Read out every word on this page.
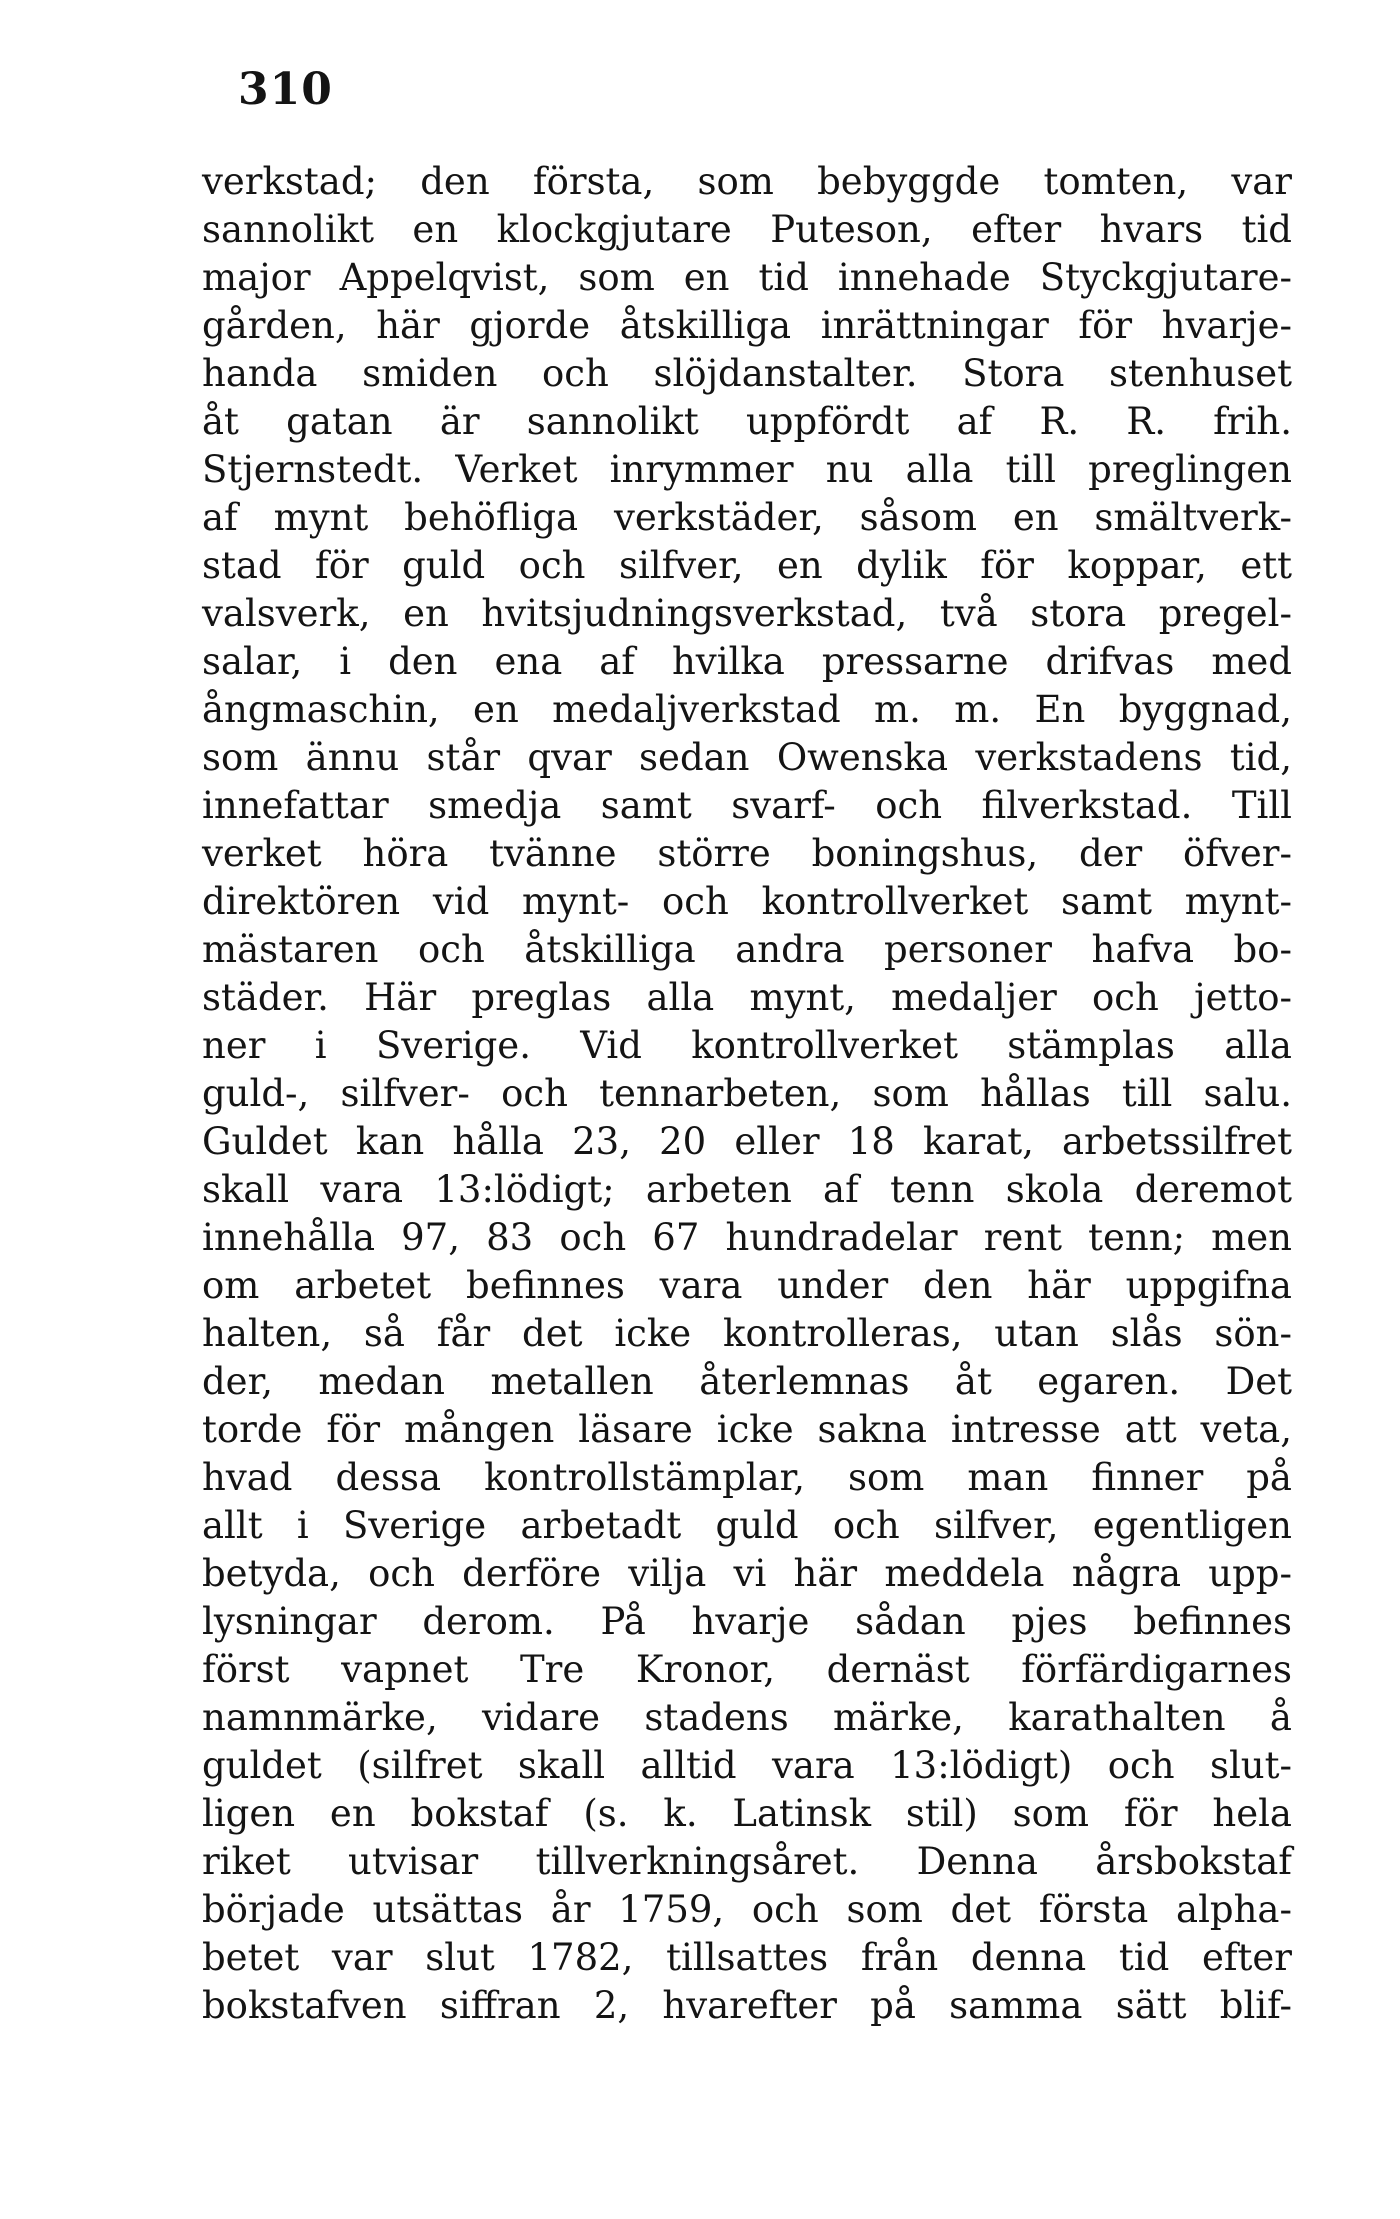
310
verkstad; den första, som bebyggde tomten, var
sannolikt en klockgjutare Puteson, efter hvars tid
major Appelqvist, som en tid innehade Styckgjutare-
gården, här gjorde åtskilliga inrättningar för hvarje-
handa smiden och slöjdanstalter. Stora stenhuset
åt gatan är sannolikt uppfördt af R. R. frih.
Stjernstedt. Verket inrymmer nu alla till preglingen
af mynt behöfliga verkstäder, såsom en smältverk-
stad för guld och silfver, en dylik för koppar, ett
valsverk, en hvitsjudningsverkstad, två stora pregel-
salar, i den ena af hvilka pressarne drifvas med
ångmaschin, en medaljverkstad m. m. En byggnad,
som ännu står qvar sedan Owenska verkstadens tid,
innefattar smedja samt svarf- och filverkstad. Till
verket höra tvänne större boningshus, der öfver-
direktören vid mynt- och kontrollverket samt mynt-
mästaren och åtskilliga andra personer hafva bo-
städer. Här preglas alla mynt, medaljer och jetto-
ner i Sverige. Vid kontrollverket stämplas alla
guld-, silfver- och tennarbeten, som hållas till salu.
Guldet kan hålla 23, 20 eller 18 karat, arbetssilfret
skall vara 13:lödigt; arbeten af tenn skola deremot
innehålla 97, 83 och 67 hundradelar rent tenn; men
om arbetet befinnes vara under den här uppgifna
halten, så får det icke kontrolleras, utan slås sön-
der, medan metallen återlemnas åt egaren. Det
torde för mången läsare icke sakna intresse att veta,
hvad dessa kontrollstämplar, som man finner på
allt i Sverige arbetadt guld och silfver, egentligen
betyda, och derföre vilja vi här meddela några upp-
lysningar derom. På hvarje sådan pjes befinnes
först vapnet Tre Kronor, dernäst förfärdigarnes
namnmärke, vidare stadens märke, karathalten å
guldet (silfret skall alltid vara 13:lödigt) och slut-
ligen en bokstaf (s. k. Latinsk stil) som för hela
riket utvisar tillverkningsåret. Denna årsbokstaf
började utsättas år 1759, och som det första alpha-
betet var slut 1782, tillsattes från denna tid efter
bokstafven siffran 2, hvarefter på samma sätt blif-
